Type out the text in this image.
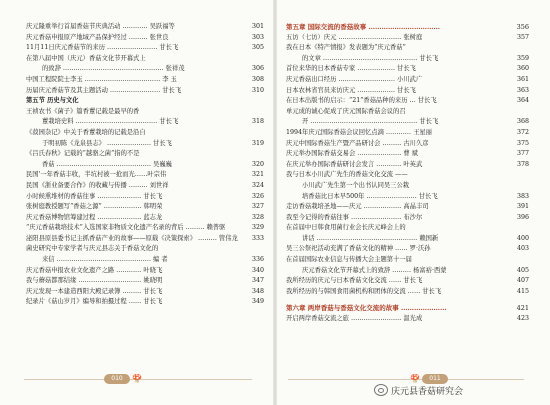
庆元隆重举行首届香菇节庆典活动 ………… 吴跃福等	301
庆元香菇申报原产地域产品保护经过 ……… 张世良	303
11月11日庆元香菇节的来历 …………………… 甘长飞	305
在第八届中国（庆元）香菇文化节开幕式上
的致辞 ………………………………………… 张祥茂	306
中国工程院院士李玉 ……………………………… 李 玉	308
历届庆元香菇节及其主题活动 …………………… 甘长飞	310
第五节 历史与文化
王祯农书《菌子》篇香蕈记载是最早的香
蕈栽培史料 ………………………………… 甘长飞	318
《菽园杂记》中关于香蕈栽培的记载是沿自
于明初陈《龙泉县志》 ………………… 甘长飞	319
《吕氏春秋》记载的“越骆之菌”指的不是
香菇 ……………………………………… 吴巍巍	320
民国'一年香菇丰收，半坑村被一抢而光……叶宗伟	321
民国《浙业备要合作》的收藏与传播 ……… 刘世祥	324
小时候熏堆材的香菇往事 ………………… 甘长飞	326
张树庭教授题写“香菇之源” ……………… 韩明荣	327
庆元香菇博物馆筹建过程 ………………… 蓝志龙	328
“庆元香菇栽培技术”入选国家非物质文化遗产名录的背后 ……… 赖普驱	329
泌阳县原县委书记主抓香菇产业的故事——原载《决策探索》 ……… 管伟龙 333
菌史研究中专家学者与庆元县志关于香菇文化的
来信 ……………………………………… 编 者	336
庆元香菇申报农业文化遗产之路 ………… 叶晓飞	340
我与蘑菇都那结缘 ………………………… 姚晓明	347
庆元发现一本建造西阳大殿记录簿 ……… 甘长飞	348
纪录片《菇山岁月》编导和拍摄过程 …… 甘长飞	349
010	🍄
第五章 国际交流的香菇故事 ……………………………	356
五访（七访）庆元 ………………………… 张树庭	357
我在日本《特产情报》发表题为“庆元香菇”
的文章 ……………………………………… 甘长飞	359
首位来华的日本香菇专家 ……………… 甘长飞	360
庆元香菇出口经历 ……………………… 小川武广	361
日本农林省官员来访庆元 ……………… 甘长飞	363
在日本出版书的启示：“21”香菇品种的来历 … 甘长飞	364
单元成的诚心促成了庆元国际香菇会议的召
开 …………………………………………… 甘长飞	368
1994年庆元国际香菇会议回忆点滴 ………… 王星丽	372
庆元中国际香菇生产暨产品研讨会 ……… 古川久彦	375
庆元举办国际香菇交易会 ………………… 曹 斌	377
在庆元举办国际香菇研讨会发言 ………… 叶英武	378
我与日本小川武广先生的香菇文化交流 ——
小川武广先生第一个出书认同吴三公栽
培香菇比日本早500年 …………………… 甘长飞	383
走访香菇栽培圣地——庆元 ……………… 高晶丰司	391
我至今记得的香菇往事 …………………… 布沙尔	396
在首届中日韩食用菌行业会长庆元峰会上的
讲话 ………………………………………… 赖国新	400
吴三公祭祀活动充满了香菇文化的精神 …… 罗·沃孙	403
在首届国际农业信息与传播大会主题第十一届
庆元香菇文化节开幕式上的致辞 ……… 杨富裕·西蒙	405
我所经历的庆元与日本香菇文化交流 …… 甘长飞	407
我所经历的与韩国食用菌机构和团体的交流 …… 甘长飞	415
第六章 两岸香菇与香菇文化交流的故事 …………………	421
开启两岸香菇交流之旅 …………………… 温光成	423
🍄	011
庆元县香菇研究会
